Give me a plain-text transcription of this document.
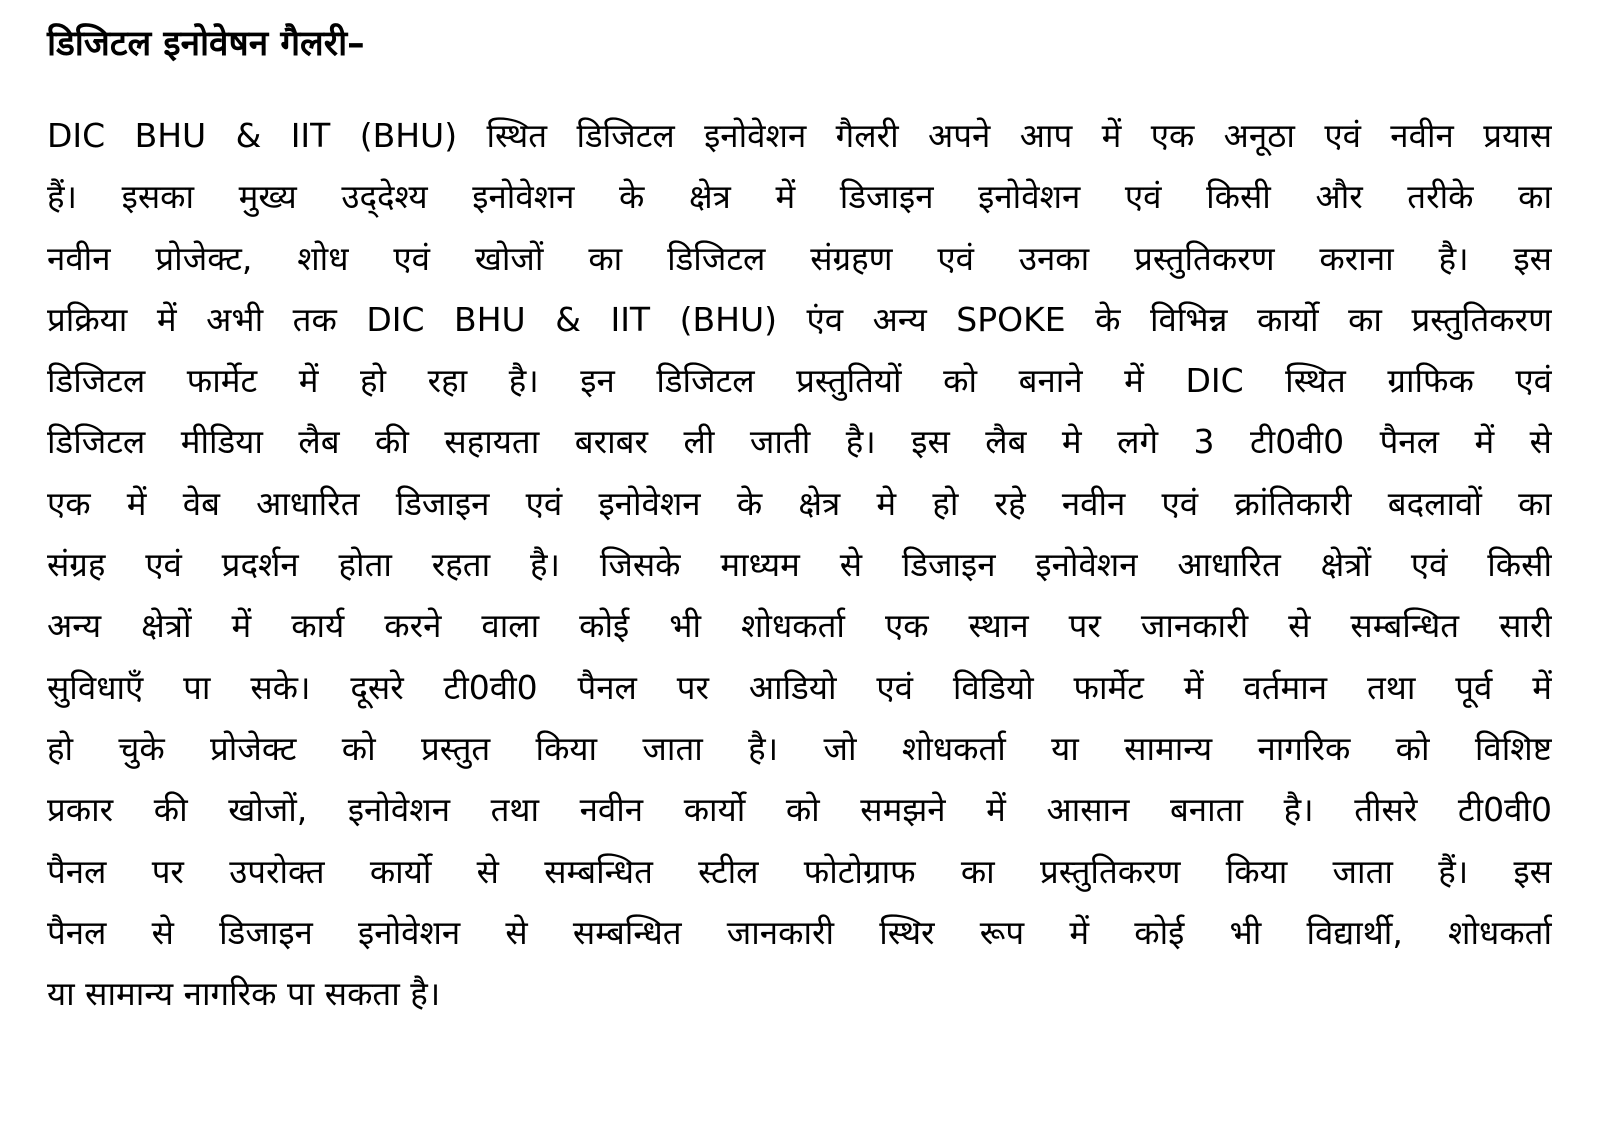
डिजिटल इनोवेषन गैलरी–
DIC BHU & IIT (BHU) स्थित डिजिटल इनोवेशन गैलरी अपने आप में एक अनूठा एवं नवीन प्रयास
हैं। इसका मुख्य उद्‌देश्य इनोवेशन के क्षेत्र में डिजाइन इनोवेशन एवं किसी और तरीके का
नवीन प्रोजेक्ट, शोध एवं खोजों का डिजिटल संग्रहण एवं उनका प्रस्तुतिकरण कराना है। इस
प्रक्रिया में अभी तक DIC BHU & IIT (BHU) एंव अन्य SPOKE के विभिन्न कार्यो का प्रस्तुतिकरण
डिजिटल फार्मेट में हो रहा है। इन डिजिटल प्रस्तुतियों को बनाने में DIC स्थित ग्राफिक एवं
डिजिटल मीडिया लैब की सहायता बराबर ली जाती है। इस लैब मे लगे 3 टी0वी0 पैनल में से
एक में वेब आधारित डिजाइन एवं इनोवेशन के क्षेत्र मे हो रहे नवीन एवं क्रांतिकारी बदलावों का
संग्रह एवं प्रदर्शन होता रहता है। जिसके माध्यम से डिजाइन इनोवेशन आधारित क्षेत्रों एवं किसी
अन्य क्षेत्रों में कार्य करने वाला कोई भी शोधकर्ता एक स्थान पर जानकारी से सम्बन्धित सारी
सुविधाएँ पा सके। दूसरे टी0वी0 पैनल पर आडियो एवं विडियो फार्मेट में वर्तमान तथा पूर्व में
हो चुके प्रोजेक्ट को प्रस्तुत किया जाता है। जो शोधकर्ता या सामान्य नागरिक को विशिष्ट
प्रकार की खोजों, इनोवेशन तथा नवीन कार्यो को समझने में आसान बनाता है। तीसरे टी0वी0
पैनल पर उपरोक्त कार्यो से सम्बन्धित स्टील फोटोग्राफ का प्रस्तुतिकरण किया जाता हैं। इस
पैनल से डिजाइन इनोवेशन से सम्बन्धित जानकारी स्थिर रूप में कोई भी विद्यार्थी, शोधकर्ता
या सामान्य नागरिक पा सकता है।
